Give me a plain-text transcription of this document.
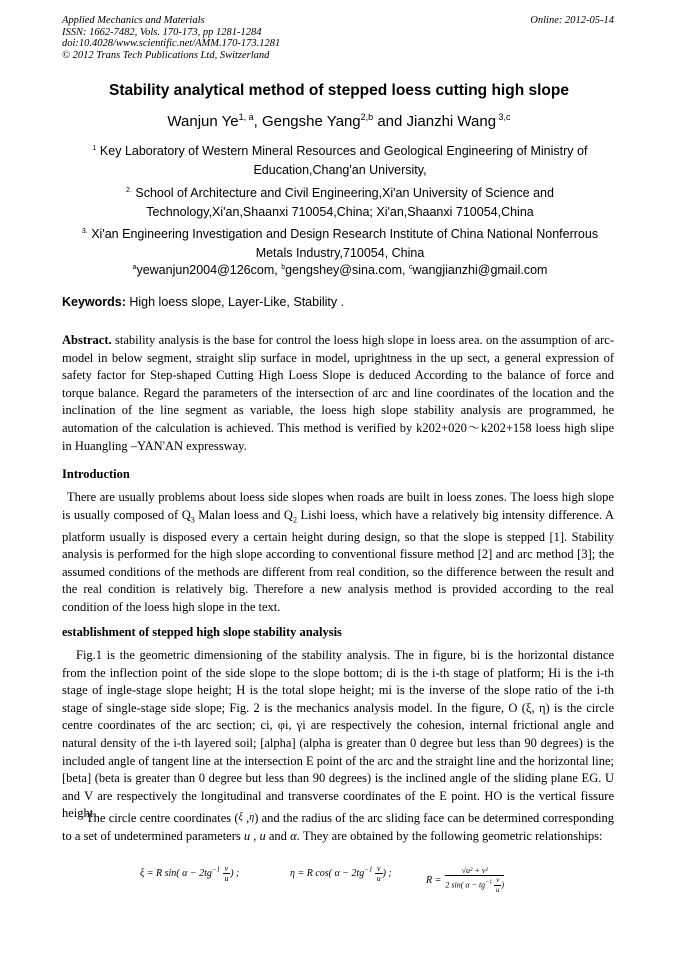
Applied Mechanics and Materials
ISSN: 1662-7482, Vols. 170-173, pp 1281-1284
doi:10.4028/www.scientific.net/AMM.170-173.1281
© 2012 Trans Tech Publications Ltd, Switzerland
Online: 2012-05-14
Stability analytical method of stepped loess cutting high slope
Wanjun Ye$^{1, a}$, Gengshe Yang$^{2,b}$ and Jianzhi Wang $^{3,c}$
$^1$ Key Laboratory of Western Mineral Resources and Geological Engineering of Ministry of
Education,Chang'an University,
$^{2.}$ School of Architecture and Civil Engineering,Xi'an University of Science and
Technology,Xi'an,Shaanxi 710054,China; Xi'an,Shaanxi 710054,China
$^{3.}$ Xi'an Engineering Investigation and Design Research Institute of China National Nonferrous
Metals Industry,710054, China
$^a$yewanjun2004@126com, $^b$gengshey@sina.com, $^c$wangjianzhi@gmail.com
Keywords: High loess slope, Layer-Like, Stability .
Abstract. stability analysis is the base for control the loess high slope in loess area. on the assumption of arc-model in below segment, straight slip surface in model, uprightness in the up sect, a general expression of safety factor for Step-shaped Cutting High Loess Slope is deduced According to the balance of force and torque balance. Regard the parameters of the intersection of arc and line coordinates of the location and the inclination of the line segment as variable, the loess high slope stability analysis are programmed, he automation of the calculation is achieved. This method is verified by k202+020～k202+158 loess high slipe in Huangling –YAN'AN expressway.
Introduction
There are usually problems about loess side slopes when roads are built in loess zones. The loess high slope is usually composed of $Q_3$ Malan loess and $Q_2$ Lishi loess, which have a relatively big intensity difference. A platform usually is disposed every a certain height during design, so that the slope is stepped [1]. Stability analysis is performed for the high slope according to conventional fissure method [2] and arc method [3]; the assumed conditions of the methods are different from real condition, so the difference between the result and the real condition is relatively big. Therefore a new analysis method is provided according to the real condition of the loess high slope in the text.
establishment of stepped high slope stability analysis
Fig.1 is the geometric dimensioning of the stability analysis. The in figure, bi is the horizontal distance from the inflection point of the side slope to the slope bottom; di is the i-th stage of platform; Hi is the i-th stage of ingle-stage slope height; H is the total slope height; mi is the inverse of the slope ratio of the i-th stage of single-stage side slope; Fig. 2 is the mechanics analysis model. In the figure, O (ξ, η) is the circle centre coordinates of the arc section; ci, φi, γi are respectively the cohesion, internal frictional angle and natural density of the i-th layered soil; [alpha] (alpha is greater than 0 degree but less than 90 degrees) is the included angle of tangent line at the intersection E point of the arc and the straight line and the horizontal line; [beta] (beta is greater than 0 degree but less than 90 degrees) is the inclined angle of the sliding plane EG. U and V are respectively the longitudinal and transverse coordinates of the E point. HO is the vertical fissure height.
The circle centre coordinates (ξ ,η) and the radius of the arc sliding face can be determined corresponding to a set of undetermined parameters u , u and α. They are obtained by the following geometric relationships:
ξ = R sin( $\alpha - 2tg^{-1} \frac{v}{u}$ ) ;	η = R cos( $\alpha - 2tg^{-1} \frac{v}{u}$ ) ;
$R = \frac{\text{√u² + v²}}{2 \sin( \alpha - tg^{-1} \frac{v}{u} )}$
